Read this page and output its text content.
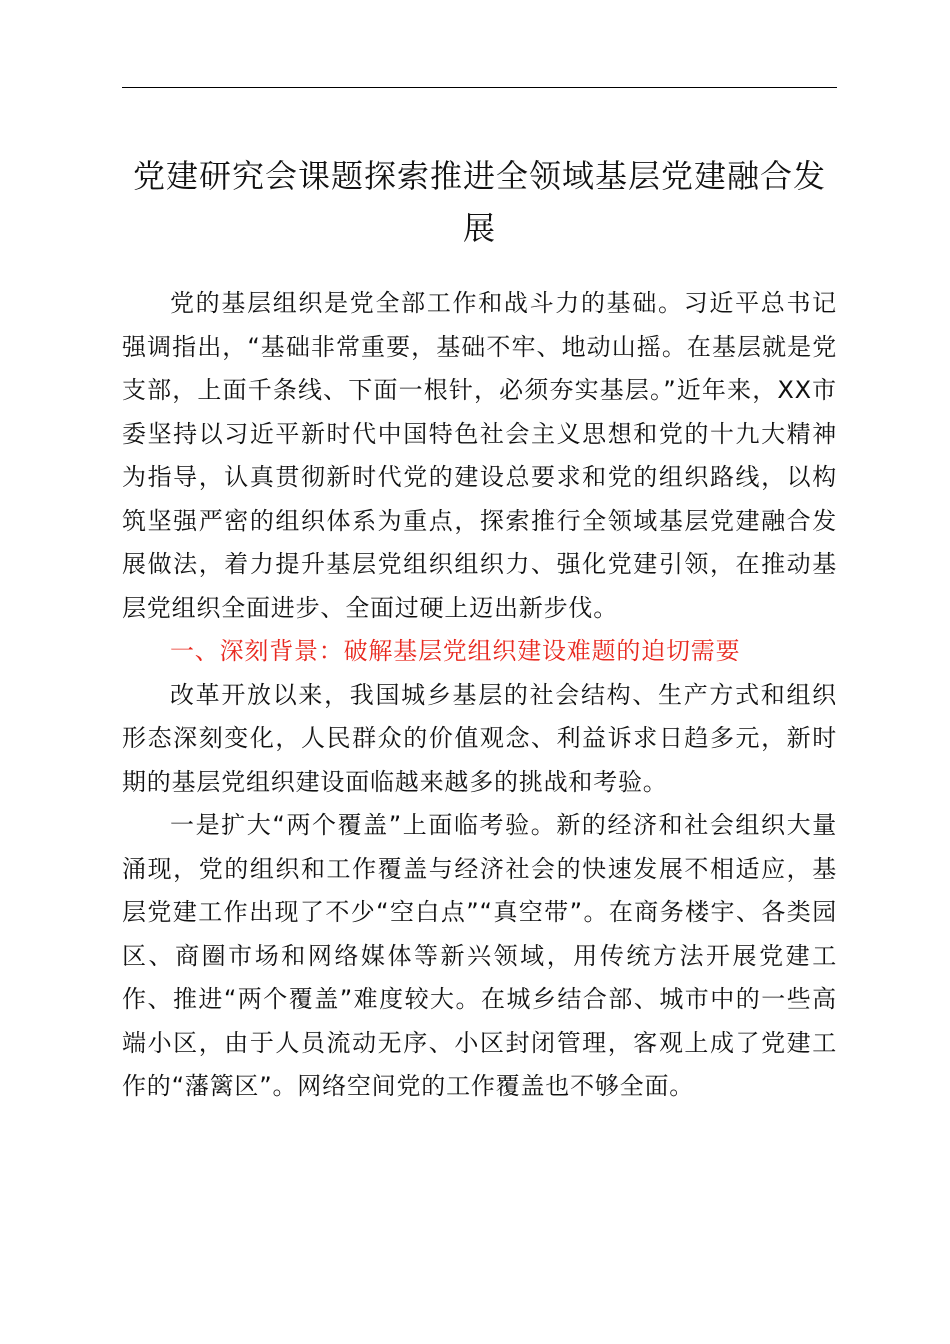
党建研究会课题探索推进全领域基层党建融合发展

党的基层组织是党全部工作和战斗力的基础。习近平总书记强调指出，“基础非常重要，基础不牢、地动山摇。在基层就是党支部，上面千条线、下面一根针，必须夯实基层。”近年来，XX市委坚持以习近平新时代中国特色社会主义思想和党的十九大精神为指导，认真贯彻新时代党的建设总要求和党的组织路线，以构筑坚强严密的组织体系为重点，探索推行全领域基层党建融合发展做法，着力提升基层党组织组织力、强化党建引领，在推动基层党组织全面进步、全面过硬上迈出新步伐。

一、深刻背景：破解基层党组织建设难题的迫切需要

改革开放以来，我国城乡基层的社会结构、生产方式和组织形态深刻变化，人民群众的价值观念、利益诉求日趋多元，新时期的基层党组织建设面临越来越多的挑战和考验。

一是扩大“两个覆盖”上面临考验。新的经济和社会组织大量涌现，党的组织和工作覆盖与经济社会的快速发展不相适应，基层党建工作出现了不少“空白点”“真空带”。在商务楼宇、各类园区、商圈市场和网络媒体等新兴领域，用传统方法开展党建工作、推进“两个覆盖”难度较大。在城乡结合部、城市中的一些高端小区，由于人员流动无序、小区封闭管理，客观上成了党建工作的“藩篱区”。网络空间党的工作覆盖也不够全面。
